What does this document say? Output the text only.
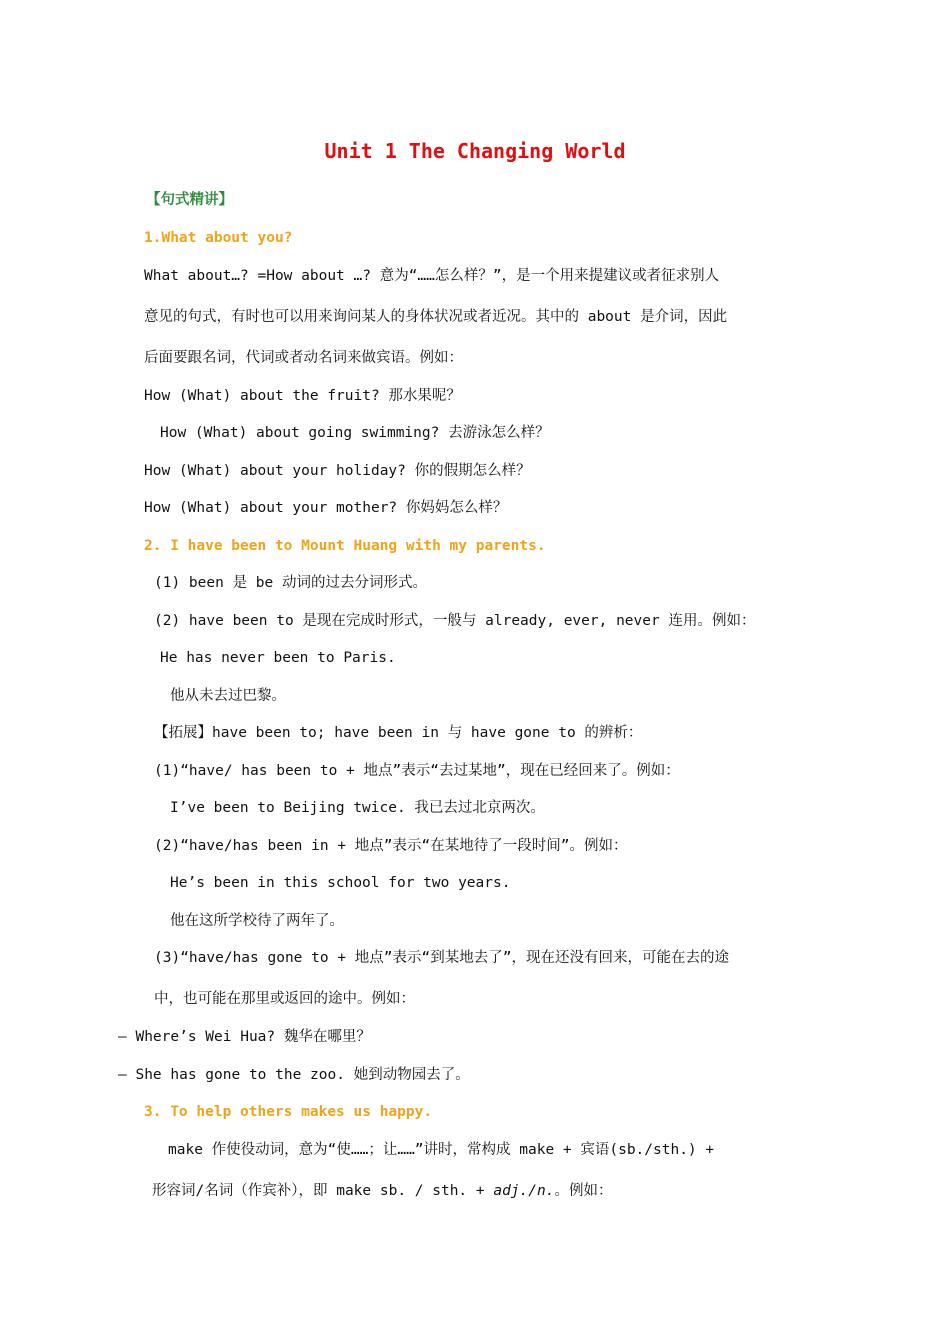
Unit 1 The Changing World
【句式精讲】
1.What about you?
What about…? =How about …? 意为“……怎么样？”，是一个用来提建议或者征求别人
意见的句式，有时也可以用来询问某人的身体状况或者近况。其中的 about 是介词，因此
后面要跟名词，代词或者动名词来做宾语。例如：
How (What) about the fruit? 那水果呢？
How (What) about going swimming? 去游泳怎么样？
How (What) about your holiday? 你的假期怎么样？
How (What) about your mother? 你妈妈怎么样？
2. I have been to Mount Huang with my parents.
(1) been 是 be 动词的过去分词形式。
(2) have been to 是现在完成时形式，一般与 already, ever, never 连用。例如：
He has never been to Paris.
他从未去过巴黎。
【拓展】have been to; have been in 与 have gone to 的辨析：
(1)“have/ has been to + 地点”表示“去过某地”，现在已经回来了。例如：
I’ve been to Beijing twice. 我已去过北京两次。
(2)“have/has been in + 地点”表示“在某地待了一段时间”。例如：
He’s been in this school for two years.
他在这所学校待了两年了。
(3)“have/has gone to + 地点”表示“到某地去了”，现在还没有回来，可能在去的途
中，也可能在那里或返回的途中。例如：
— Where’s Wei Hua? 魏华在哪里？
— She has gone to the zoo. 她到动物园去了。
3. To help others makes us happy.
make 作使役动词，意为“使……；让……”讲时，常构成 make + 宾语(sb./sth.) +
形容词/名词（作宾补），即 make sb. / sth. + adj./n.。例如：
